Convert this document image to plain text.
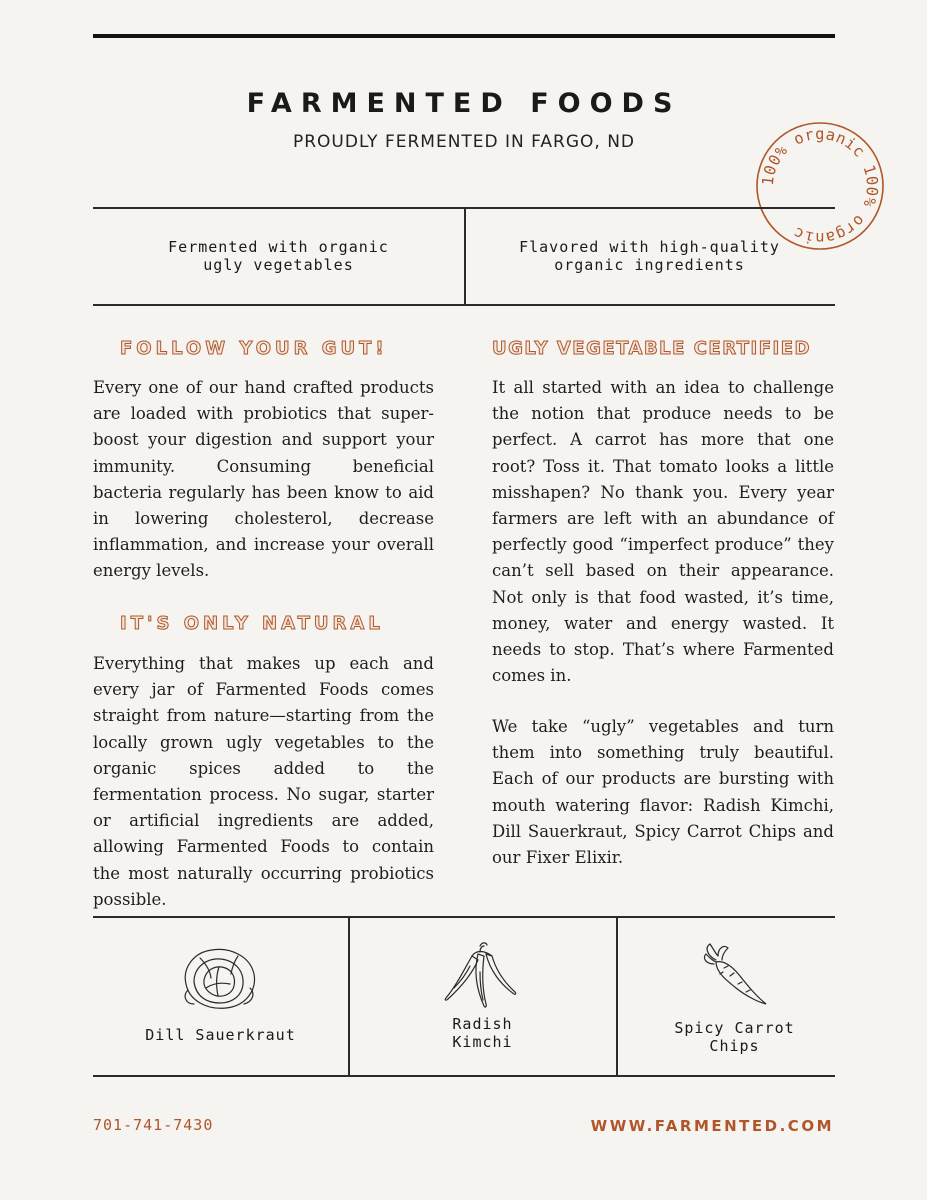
FARMENTED FOODS
PROUDLY FERMENTED IN FARGO, ND
100% organic 100% organic
Fermented with organic
ugly vegetables
Flavored with high-quality
organic ingredients
FOLLOW YOUR GUT!

Every one of our hand crafted products are loaded with probiotics that super-boost your digestion and support your immunity. Consuming beneficial bacteria regularly has been know to aid in lowering cholesterol, decrease inflammation, and increase your overall energy levels.

IT'S ONLY NATURAL

Everything that makes up each and every jar of Farmented Foods comes straight from nature—starting from the locally grown ugly vegetables to the organic spices added to the fermentation process. No sugar, starter or artificial ingredients are added, allowing Farmented Foods to contain the most naturally occurring probiotics possible.

UGLY VEGETABLE CERTIFIED

It all started with an idea to challenge the notion that produce needs to be perfect. A carrot has more that one root? Toss it. That tomato looks a little misshapen? No thank you. Every year farmers are left with an abundance of perfectly good “imperfect produce” they can’t sell based on their appearance. Not only is that food wasted, it’s time, money, water and energy wasted. It needs to stop. That’s where Farmented comes in.

We take “ugly” vegetables and turn them into something truly beautiful. Each of our products are bursting with mouth watering flavor: Radish Kimchi, Dill Sauerkraut, Spicy Carrot Chips and our Fixer Elixir.

Dill Sauerkraut
Radish
Kimchi
Spicy Carrot
Chips
701-741-7430	WWW.FARMENTED.COM
